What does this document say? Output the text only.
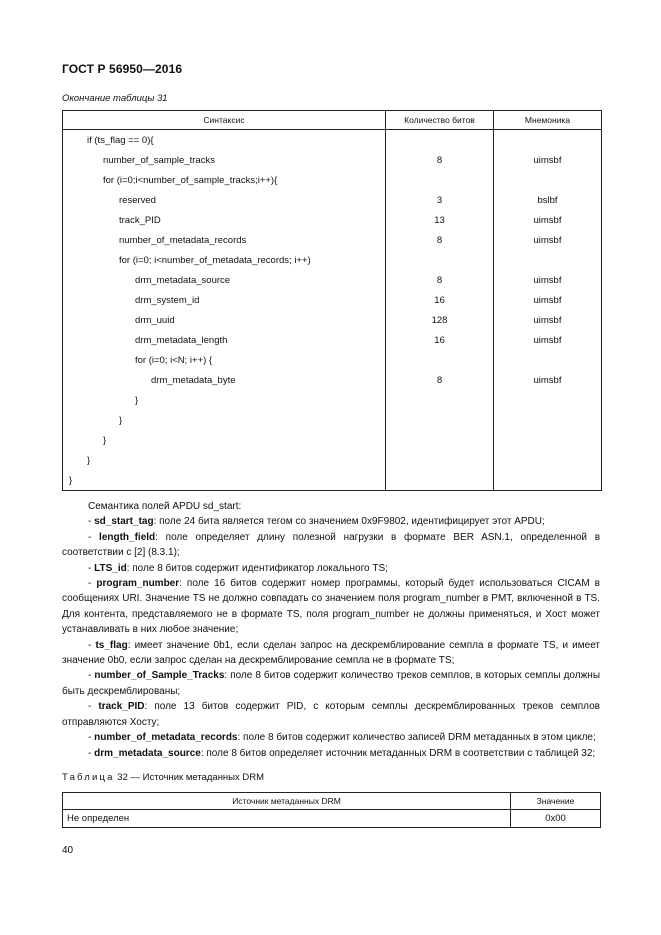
ГОСТ Р 56950—2016
Окончание таблицы 31
Синтаксис	Количество битов	Мнемоника
if (ts_flag == 0){		
number_of_sample_tracks	8	uimsbf
for (i=0;i<number_of_sample_tracks;i++){		
reserved	3	bslbf
track_PID	13	uimsbf
number_of_metadata_records	8	uimsbf
for (i=0; i<number_of_metadata_records; i++)		
drm_metadata_source	8	uimsbf
drm_system_id	16	uimsbf
drm_uuid	128	uimsbf
drm_metadata_length	16	uimsbf
for (i=0; i<N; i++) {		
drm_metadata_byte	8	uimsbf
}		
}		
}		
}		
}		

Семантика полей APDU sd_start:

- sd_start_tag: поле 24 бита является тегом со значением 0x9F9802, идентифицирует этот APDU;

- length_field: поле определяет длину полезной нагрузки в формате BER ASN.1, определенной в соответствии с [2] (8.3.1);

- LTS_id: поле 8 битов содержит идентификатор локального TS;

- program_number: поле 16 битов содержит номер программы, который будет использоваться CICAM в сообщениях URI. Значение TS не должно совпадать со значением поля program_number в PMT, включенной в TS. Для контента, представляемого не в формате TS, поля program_number не должны применяться, и Хост может устанавливать в них любое значение;

- ts_flag: имеет значение 0b1, если сделан запрос на дескремблирование семпла в формате TS, и имеет значение 0b0, если запрос сделан на дескремблирование семпла не в формате TS;

- number_of_Sample_Tracks: поле 8 битов содержит количество треков семплов, в которых семплы должны быть дескремблированы;

- track_PID: поле 13 битов содержит PID, с которым семплы дескремблированных треков семплов отправляются Хосту;

- number_of_metadata_records: поле 8 битов содержит количество записей DRM метаданных в этом цикле;

- drm_metadata_source: поле 8 битов определяет источник метаданных DRM в соответствии с таблицей 32;

Таблица 32 — Источник метаданных DRM
Источник метаданных DRM	Значение
Не определен	0x00
40
